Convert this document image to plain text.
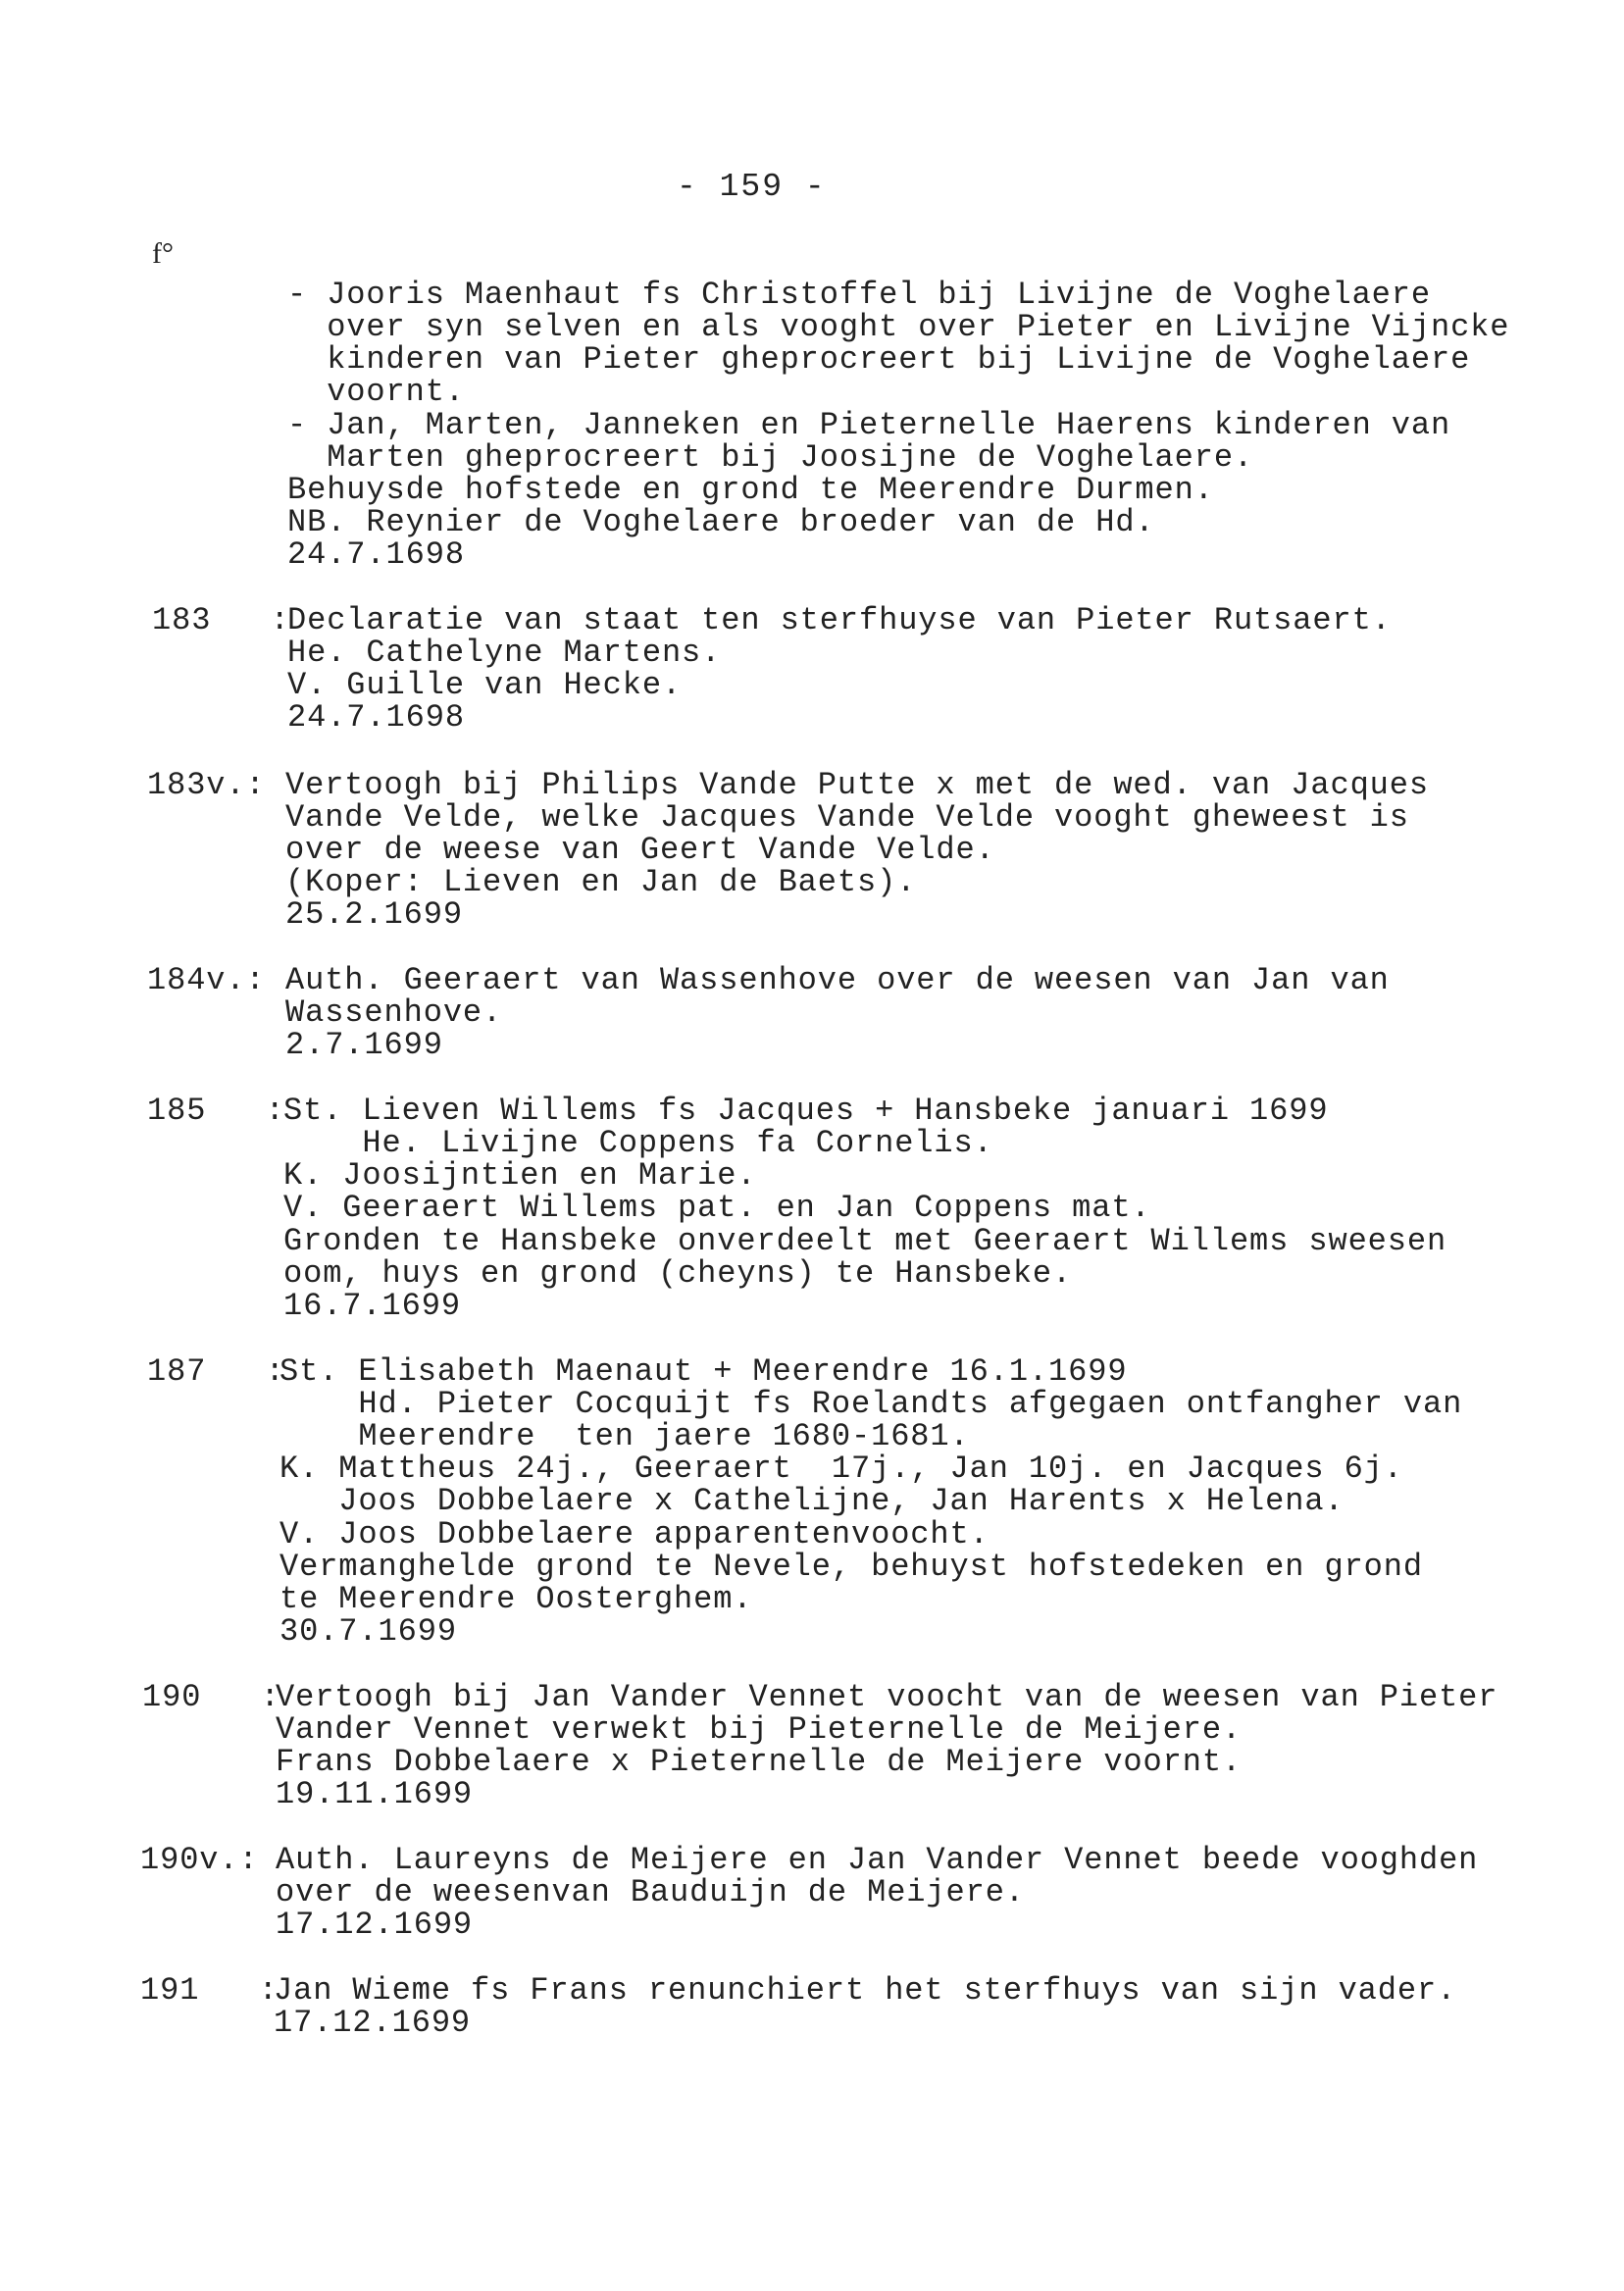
- 159 -
f°
- Jooris Maenhaut fs Christoffel bij Livijne de Voghelaere
over syn selven en als vooght over Pieter en Livijne Vijncke
kinderen van Pieter gheprocreert bij Livijne de Voghelaere
voornt.
- Jan, Marten, Janneken en Pieternelle Haerens kinderen van
Marten gheprocreert bij Joosijne de Voghelaere.
Behuysde hofstede en grond te Meerendre Durmen.
NB. Reynier de Voghelaere broeder van de Hd.
24.7.1698
183   :
Declaratie van staat ten sterfhuyse van Pieter Rutsaert.
He. Cathelyne Martens.
V. Guille van Hecke.
24.7.1698
183v.: Vertoogh bij Philips Vande Putte x met de wed. van Jacques
Vande Velde, welke Jacques Vande Velde vooght gheweest is
over de weese van Geert Vande Velde.
(Koper: Lieven en Jan de Baets).
25.2.1699
184v.: Auth. Geeraert van Wassenhove over de weesen van Jan van
Wassenhove.
2.7.1699
185   :
St. Lieven Willems fs Jacques + Hansbeke januari 1699
He. Livijne Coppens fa Cornelis.
K. Joosijntien en Marie.
V. Geeraert Willems pat. en Jan Coppens mat.
Gronden te Hansbeke onverdeelt met Geeraert Willems sweesen
oom, huys en grond (cheyns) te Hansbeke.
16.7.1699
187   :
St. Elisabeth Maenaut + Meerendre 16.1.1699
Hd. Pieter Cocquijt fs Roelandts afgegaen ontfangher van
Meerendre  ten jaere 1680-1681.
K. Mattheus 24j., Geeraert  17j., Jan 10j. en Jacques 6j.
Joos Dobbelaere x Cathelijne, Jan Harents x Helena.
V. Joos Dobbelaere apparentenvoocht.
Vermanghelde grond te Nevele, behuyst hofstedeken en grond
te Meerendre Oosterghem.
30.7.1699
190   :
Vertoogh bij Jan Vander Vennet voocht van de weesen van Pieter
Vander Vennet verwekt bij Pieternelle de Meijere.
Frans Dobbelaere x Pieternelle de Meijere voornt.
19.11.1699
190v.: Auth. Laureyns de Meijere en Jan Vander Vennet beede vooghden
over de weesenvan Bauduijn de Meijere.
17.12.1699
191   :
Jan Wieme fs Frans renunchiert het sterfhuys van sijn vader.
17.12.1699
